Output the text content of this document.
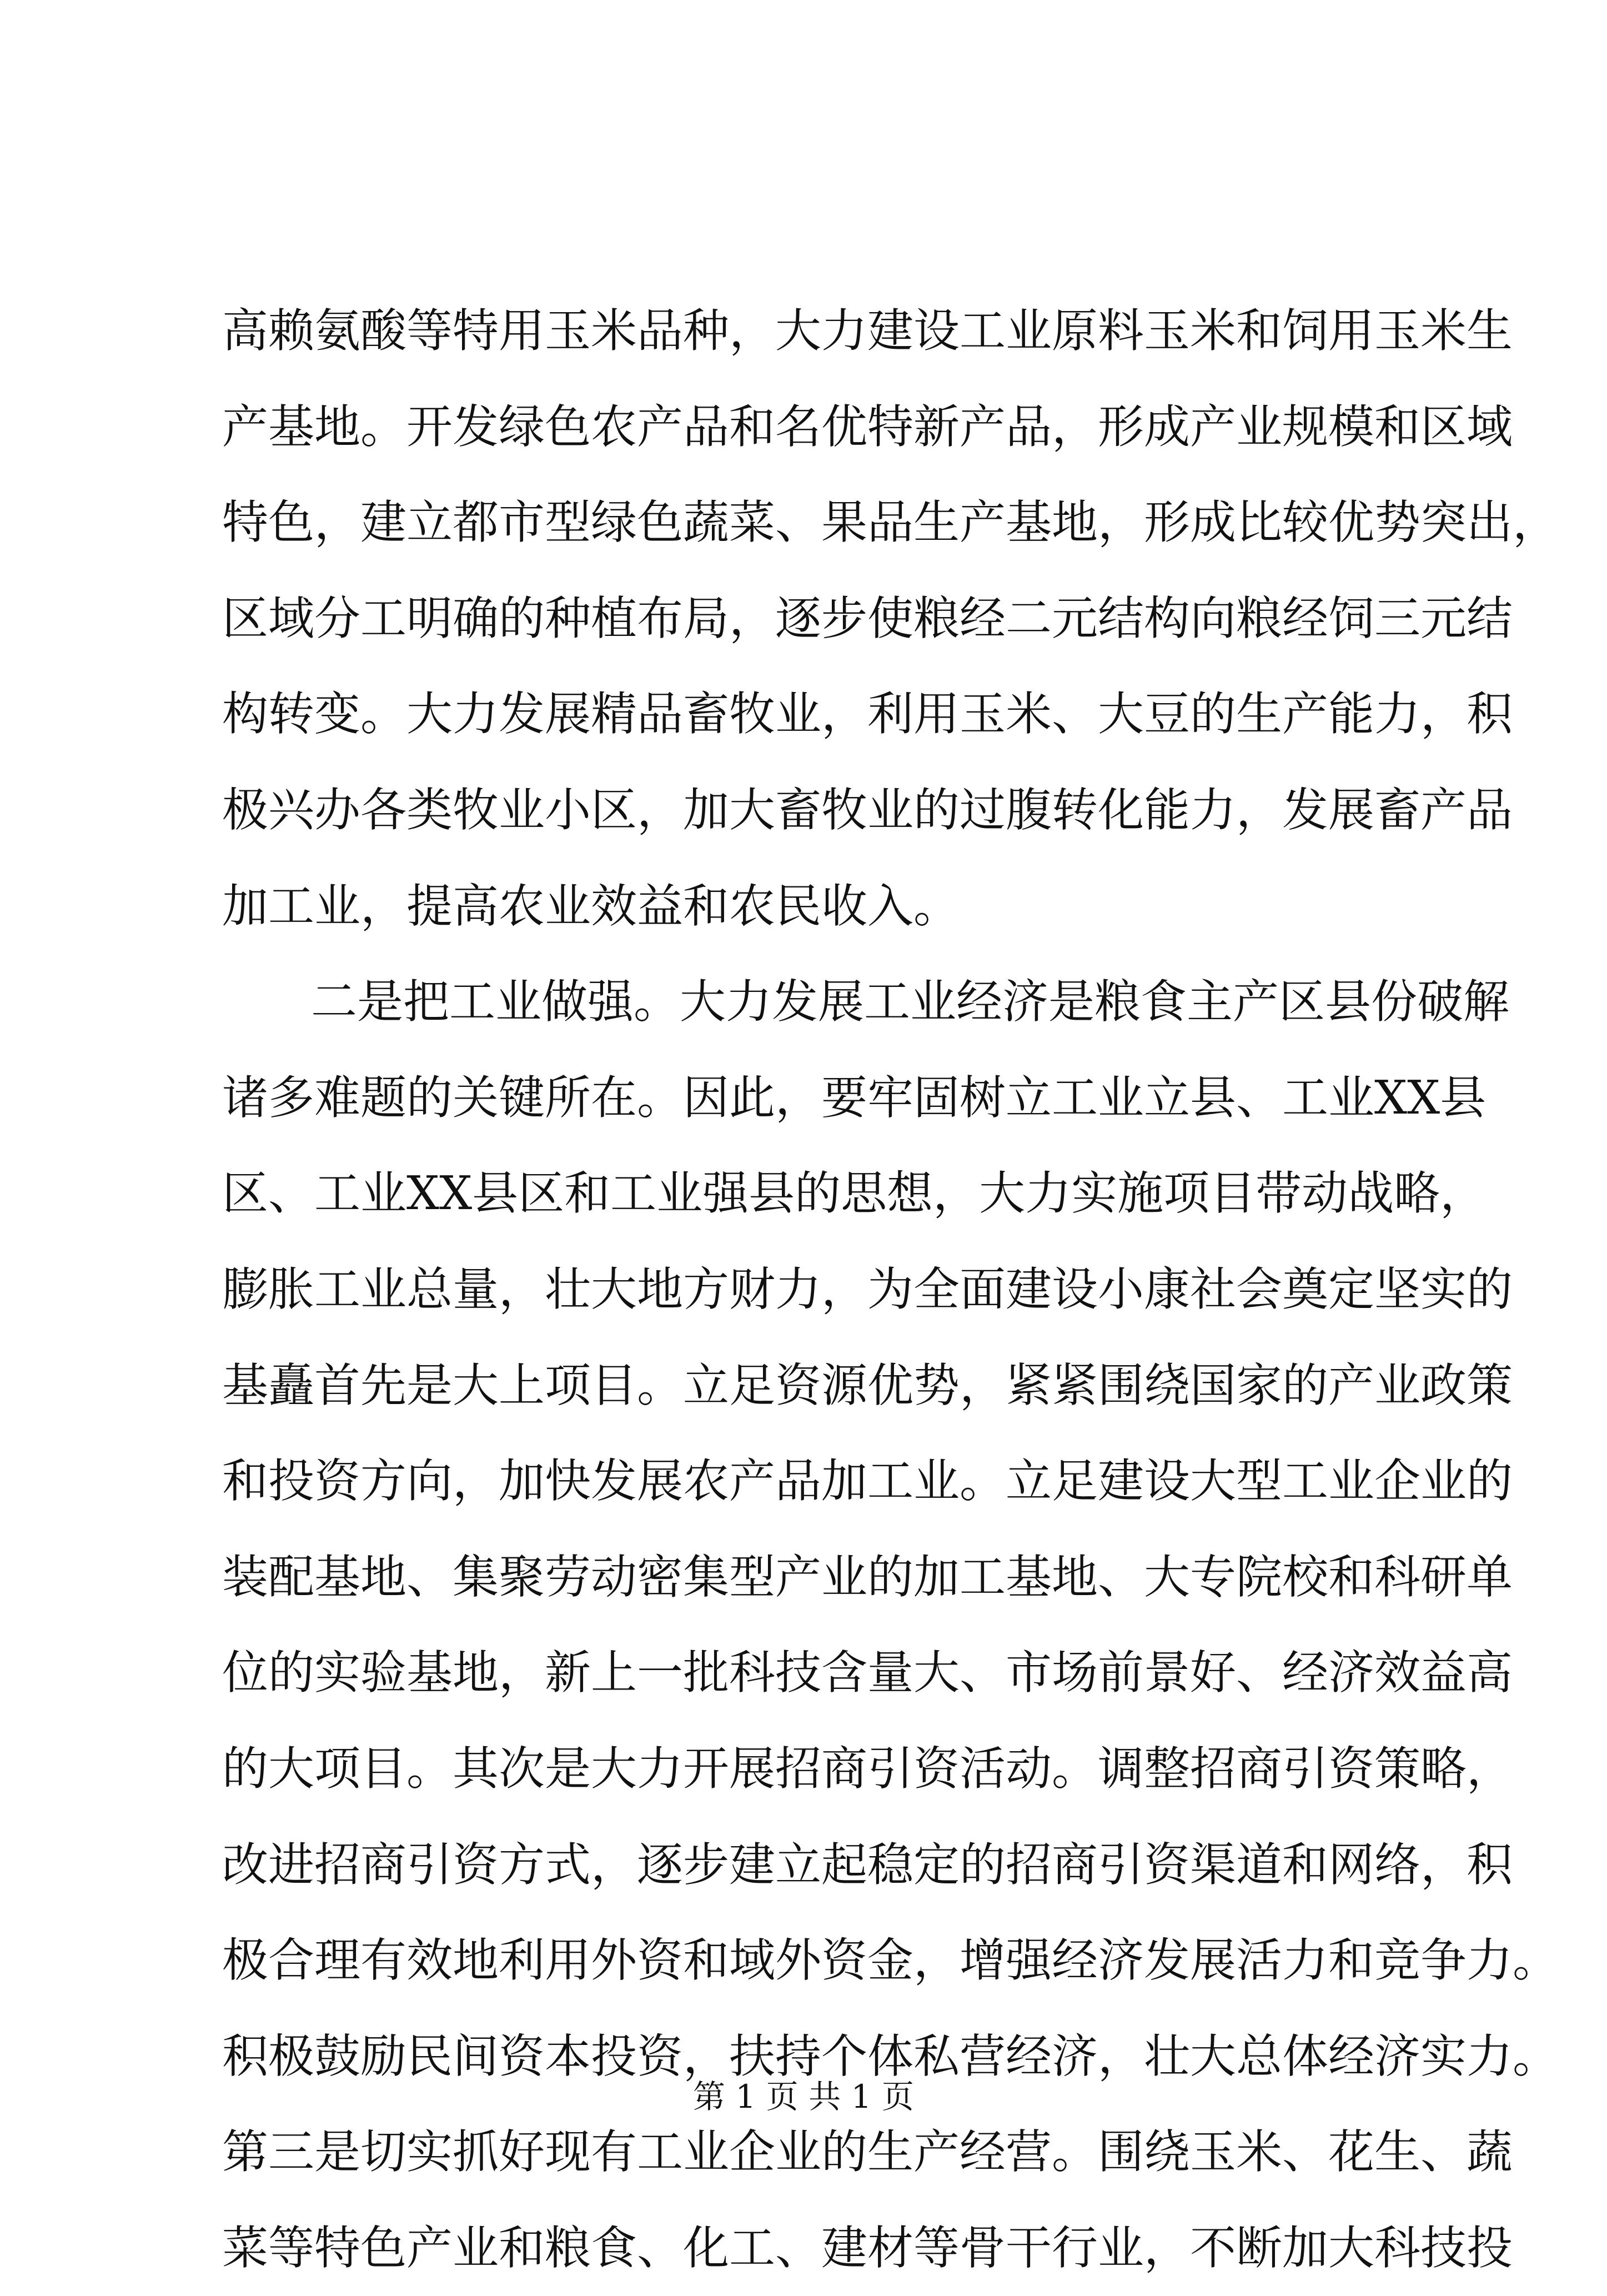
高赖氨酸等特用玉米品种，大力建设工业原料玉米和饲用玉米生
产基地。开发绿色农产品和名优特新产品，形成产业规模和区域
特色，建立都市型绿色蔬菜、果品生产基地，形成比较优势突出，
区域分工明确的种植布局，逐步使粮经二元结构向粮经饲三元结
构转变。大力发展精品畜牧业，利用玉米、大豆的生产能力，积
极兴办各类牧业小区，加大畜牧业的过腹转化能力，发展畜产品
加工业，提高农业效益和农民收入。
二是把工业做强。大力发展工业经济是粮食主产区县份破解
诸多难题的关键所在。因此，要牢固树立工业立县、工业XX县
区、工业XX县区和工业强县的思想，大力实施项目带动战略，
膨胀工业总量，壮大地方财力，为全面建设小康社会奠定坚实的
基矗首先是大上项目。立足资源优势，紧紧围绕国家的产业政策
和投资方向，加快发展农产品加工业。立足建设大型工业企业的
装配基地、集聚劳动密集型产业的加工基地、大专院校和科研单
位的实验基地，新上一批科技含量大、市场前景好、经济效益高
的大项目。其次是大力开展招商引资活动。调整招商引资策略，
改进招商引资方式，逐步建立起稳定的招商引资渠道和网络，积
极合理有效地利用外资和域外资金，增强经济发展活力和竞争力。
积极鼓励民间资本投资，扶持个体私营经济，壮大总体经济实力。
第三是切实抓好现有工业企业的生产经营。围绕玉米、花生、蔬
菜等特色产业和粮食、化工、建材等骨干行业，不断加大科技投
第 1 页 共 1 页
